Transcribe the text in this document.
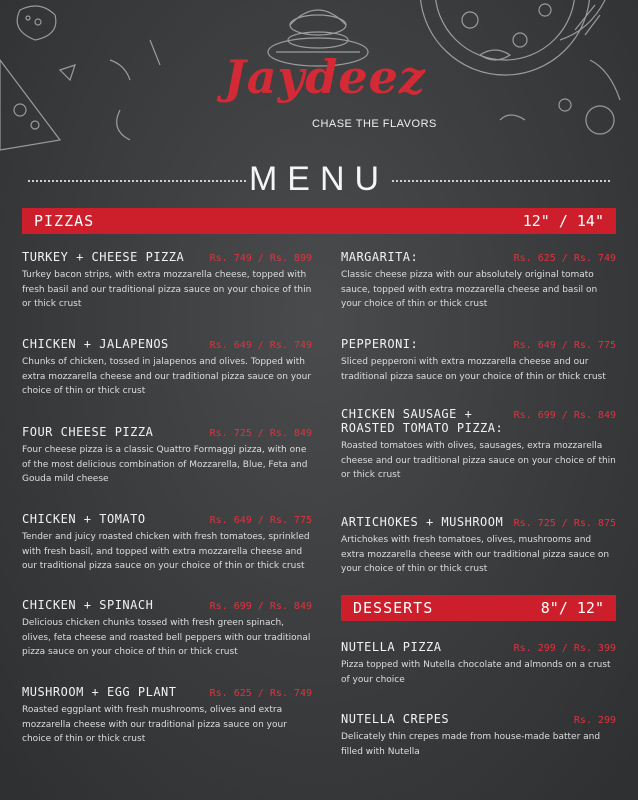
Jaydeez
CHASE THE FLAVORS
MENU
PIZZAS	12" / 14"
TURKEY + CHEESE PIZZA	Rs. 749 / Rs. 899
Turkey bacon strips, with extra mozzarella cheese, topped with fresh basil and our traditional pizza sauce on your choice of thin or thick crust
CHICKEN + JALAPENOS	Rs. 649 / Rs. 749
Chunks of chicken, tossed in jalapenos and olives. Topped with extra mozzarella cheese and our traditional pizza sauce on your choice of thin or thick crust
FOUR CHEESE PIZZA	Rs. 725 / Rs. 849
Four cheese pizza is a classic Quattro Formaggi pizza, with one of the most delicious combination of Mozzarella, Blue, Feta and Gouda mild cheese
CHICKEN + TOMATO	Rs. 649 / Rs. 775
Tender and juicy roasted chicken with fresh tomatoes, sprinkled with fresh basil, and topped with extra mozzarella cheese and our traditional pizza sauce on your choice of thin or thick crust
CHICKEN + SPINACH	Rs. 699 / Rs. 849
Delicious chicken chunks tossed with fresh green spinach, olives, feta cheese and roasted bell peppers with our traditional pizza sauce on your choice of thin or thick crust
MUSHROOM + EGG PLANT	Rs. 625 / Rs. 749
Roasted eggplant with fresh mushrooms, olives and extra mozzarella cheese with our traditional pizza sauce on your choice of thin or thick crust
MARGARITA:	Rs. 625 / Rs. 749
Classic cheese pizza with our absolutely original tomato sauce, topped with extra mozzarella cheese and basil on your choice of thin or thick crust
PEPPERONI:	Rs. 649 / Rs. 775
Sliced pepperoni with extra mozzarella cheese and our traditional pizza sauce on your choice of thin or thick crust
CHICKEN SAUSAGE +	Rs. 699 / Rs. 849
ROASTED TOMATO PIZZA:
Roasted tomatoes with olives, sausages, extra mozzarella cheese and our traditional pizza sauce on your choice of thin or thick crust
ARTICHOKES + MUSHROOM Rs. 725 / Rs. 875
Artichokes with fresh tomatoes, olives, mushrooms and extra mozzarella cheese with our traditional pizza sauce on your choice of thin or thick crust
DESSERTS	8"/ 12"
NUTELLA PIZZA	Rs. 299 / Rs. 399
Pizza topped with Nutella chocolate and almonds on a crust of your choice
NUTELLA CREPES	Rs. 299
Delicately thin crepes made from house-made batter and filled with Nutella
